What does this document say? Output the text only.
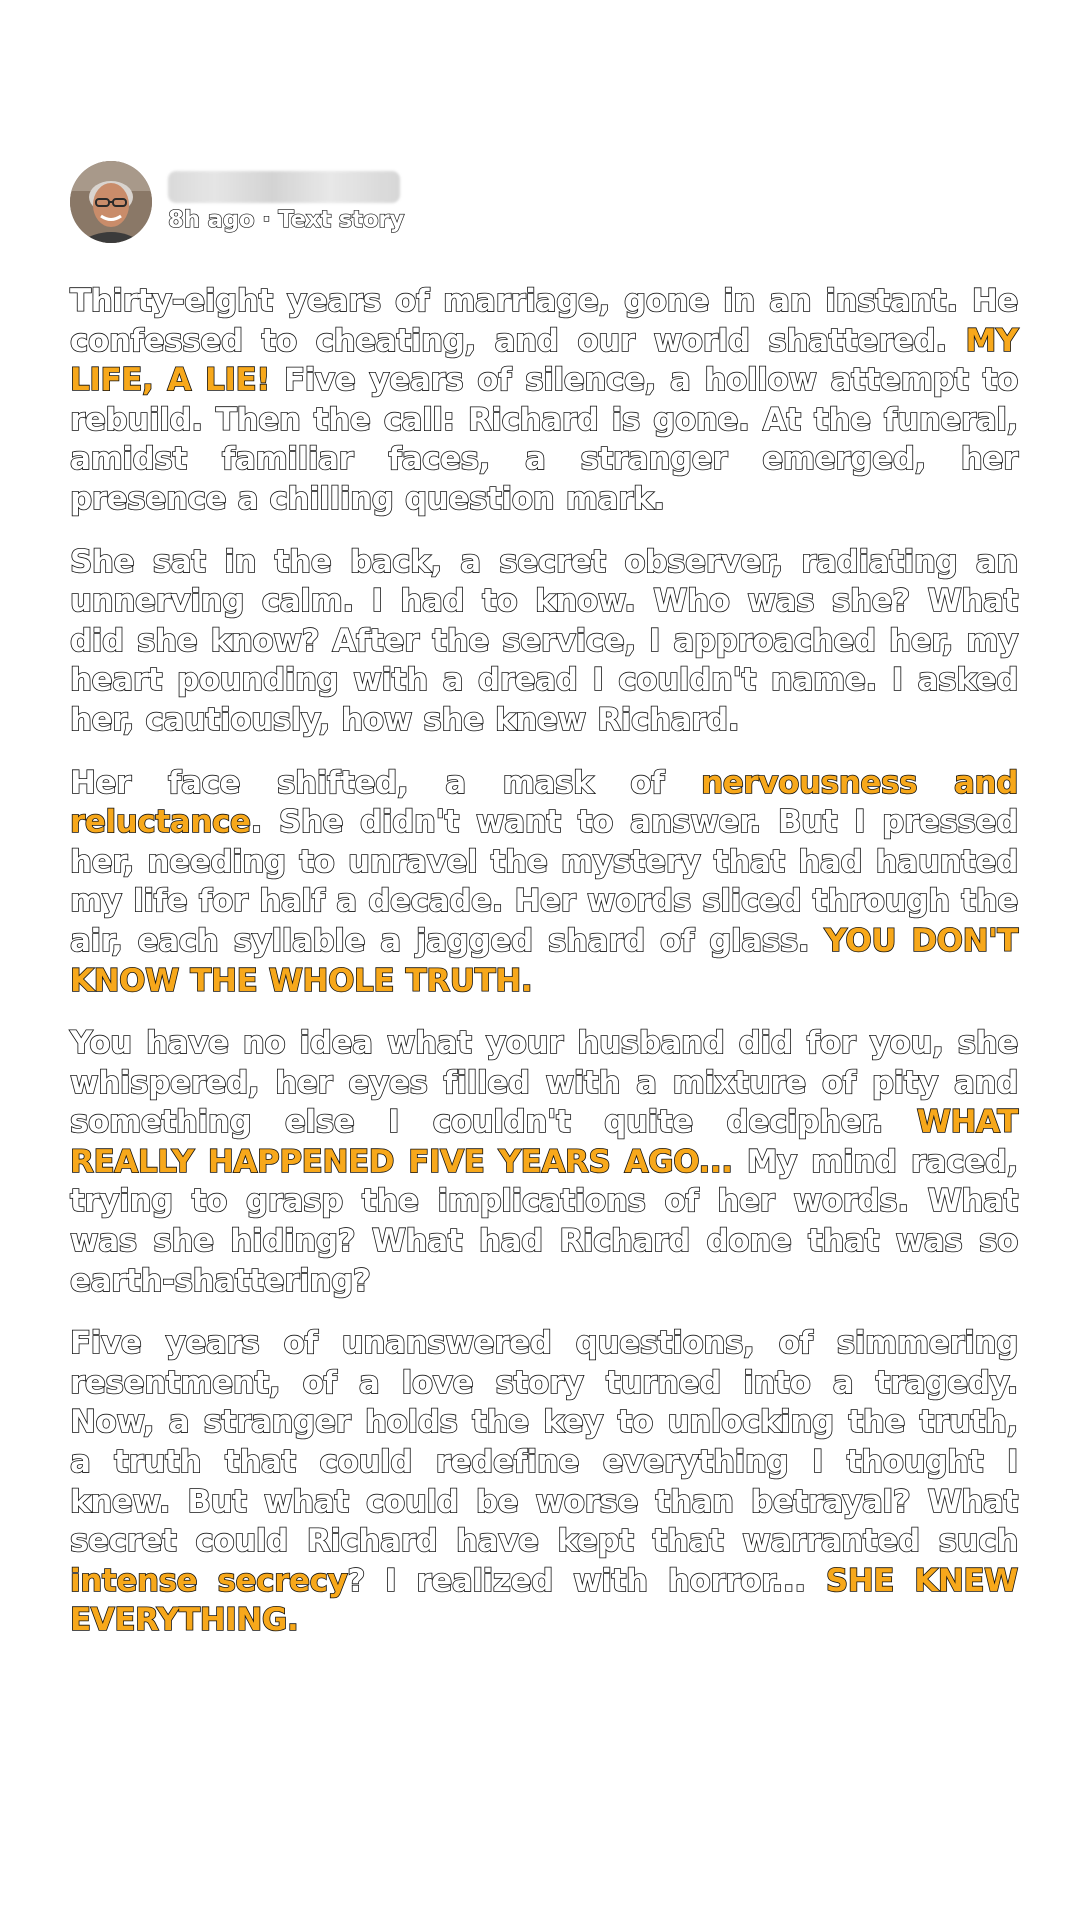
8h ago · Text story

Thirty-eight years of marriage, gone in an instant. He confessed to cheating, and our world shattered. MY LIFE, A LIE! Five years of silence, a hollow attempt to rebuild. Then the call: Richard is gone. At the funeral, amidst familiar faces, a stranger emerged, her presence a chilling question mark.

She sat in the back, a secret observer, radiating an unnerving calm. I had to know. Who was she? What did she know? After the service, I approached her, my heart pounding with a dread I couldn't name. I asked her, cautiously, how she knew Richard.

Her face shifted, a mask of nervousness and reluctance. She didn't want to answer. But I pressed her, needing to unravel the mystery that had haunted my life for half a decade. Her words sliced through the air, each syllable a jagged shard of glass. YOU DON'T KNOW THE WHOLE TRUTH.

You have no idea what your husband did for you, she whispered, her eyes filled with a mixture of pity and something else I couldn't quite decipher. WHAT REALLY HAPPENED FIVE YEARS AGO... My mind raced, trying to grasp the implications of her words. What was she hiding? What had Richard done that was so earth-shattering?

Five years of unanswered questions, of simmering resentment, of a love story turned into a tragedy. Now, a stranger holds the key to unlocking the truth, a truth that could redefine everything I thought I knew. But what could be worse than betrayal? What secret could Richard have kept that warranted such intense secrecy? I realized with horror... SHE KNEW EVERYTHING.
